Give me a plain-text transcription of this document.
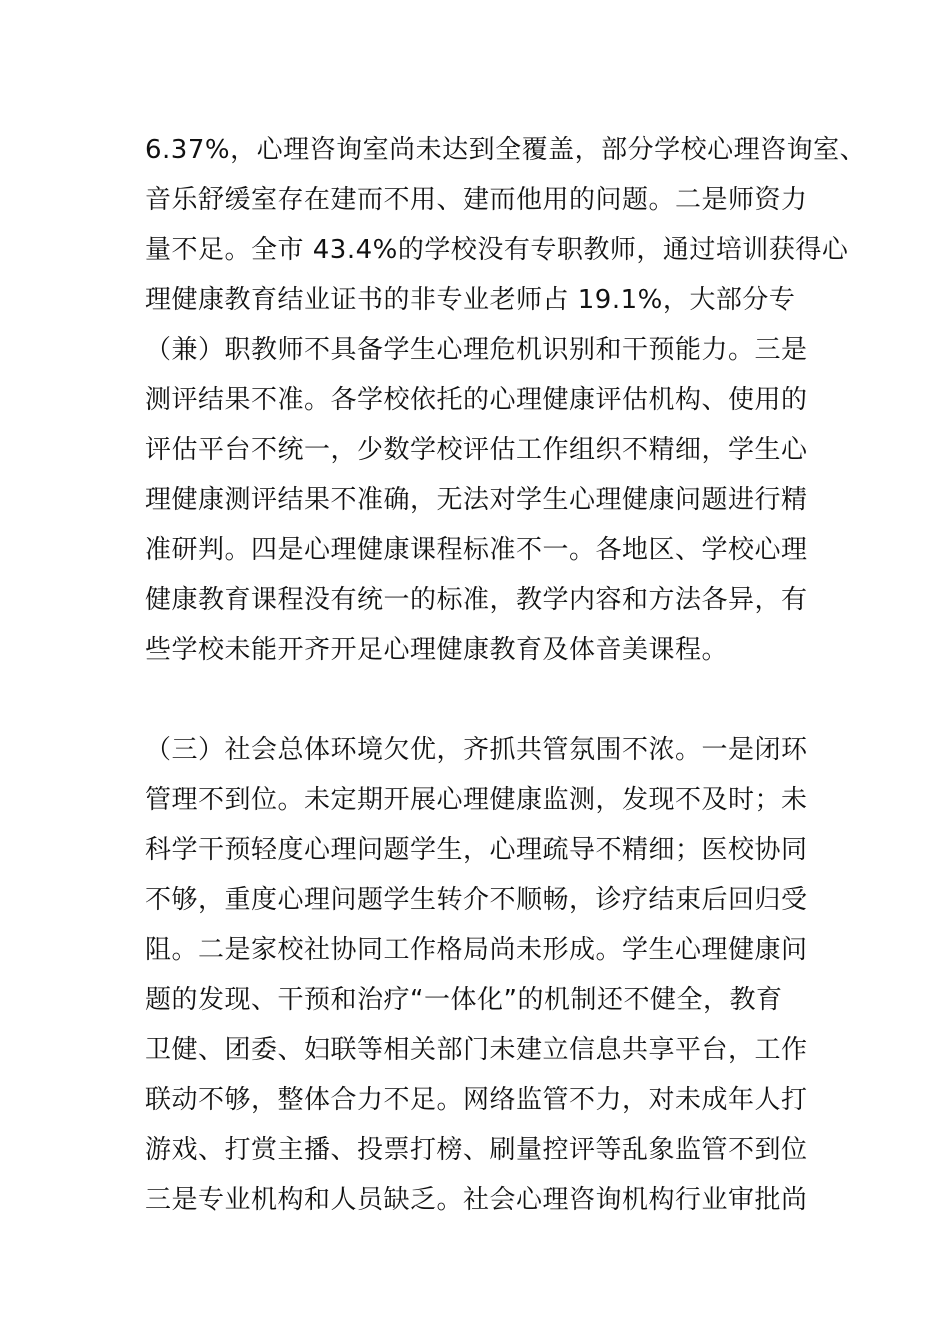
6.37%，心理咨询室尚未达到全覆盖，部分学校心理咨询室、
音乐舒缓室存在建而不用、建而他用的问题。二是师资力
量不足。全市 43.4%的学校没有专职教师，通过培训获得心
理健康教育结业证书的非专业老师占 19.1%，大部分专
（兼）职教师不具备学生心理危机识别和干预能力。三是
测评结果不准。各学校依托的心理健康评估机构、使用的
评估平台不统一，少数学校评估工作组织不精细，学生心
理健康测评结果不准确，无法对学生心理健康问题进行精
准研判。四是心理健康课程标准不一。各地区、学校心理
健康教育课程没有统一的标准，教学内容和方法各异，有
些学校未能开齐开足心理健康教育及体音美课程。
（三）社会总体环境欠优，齐抓共管氛围不浓。一是闭环
管理不到位。未定期开展心理健康监测，发现不及时；未
科学干预轻度心理问题学生，心理疏导不精细；医校协同
不够，重度心理问题学生转介不顺畅，诊疗结束后回归受
阻。二是家校社协同工作格局尚未形成。学生心理健康问
题的发现、干预和治疗“一体化”的机制还不健全，教育
卫健、团委、妇联等相关部门未建立信息共享平台，工作
联动不够，整体合力不足。网络监管不力，对未成年人打
游戏、打赏主播、投票打榜、刷量控评等乱象监管不到位
三是专业机构和人员缺乏。社会心理咨询机构行业审批尚
